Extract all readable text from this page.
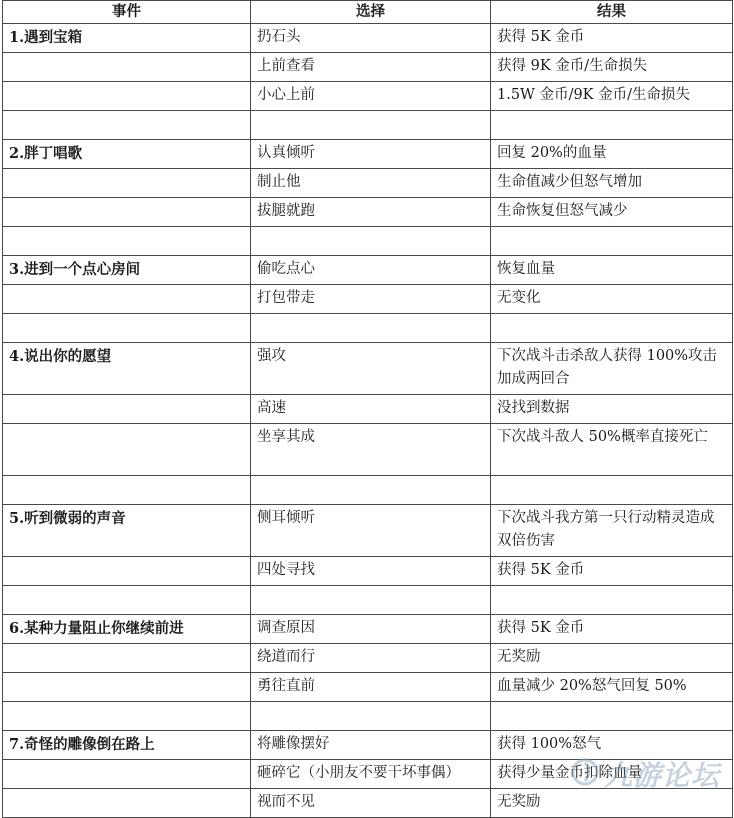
事件	选择	结果
1.遇到宝箱	扔石头	获得 5K 金币
	上前查看	获得 9K 金币/生命损失
	小心上前	1.5W 金币/9K 金币/生命损失

2.胖丁唱歌	认真倾听	回复 20%的血量
	制止他	生命值减少但怒气增加
	拔腿就跑	生命恢复但怒气减少

3.进到一个点心房间	偷吃点心	恢复血量
	打包带走	无变化

4.说出你的愿望	强攻	下次战斗击杀敌人获得 100%攻击加成两回合
	高速	没找到数据
	坐享其成	下次战斗敌人 50%概率直接死亡

5.听到微弱的声音	侧耳倾听	下次战斗我方第一只行动精灵造成双倍伤害
	四处寻找	获得 5K 金币

6.某种力量阻止你继续前进	调查原因	获得 5K 金币
	绕道而行	无奖励
	勇往直前	血量减少 20%怒气回复 50%

7.奇怪的雕像倒在路上	将雕像摆好	获得 100%怒气
	砸碎它（小朋友不要干坏事偶）	获得少量金币扣除血量
	视而不见	无奖励
九游论坛
